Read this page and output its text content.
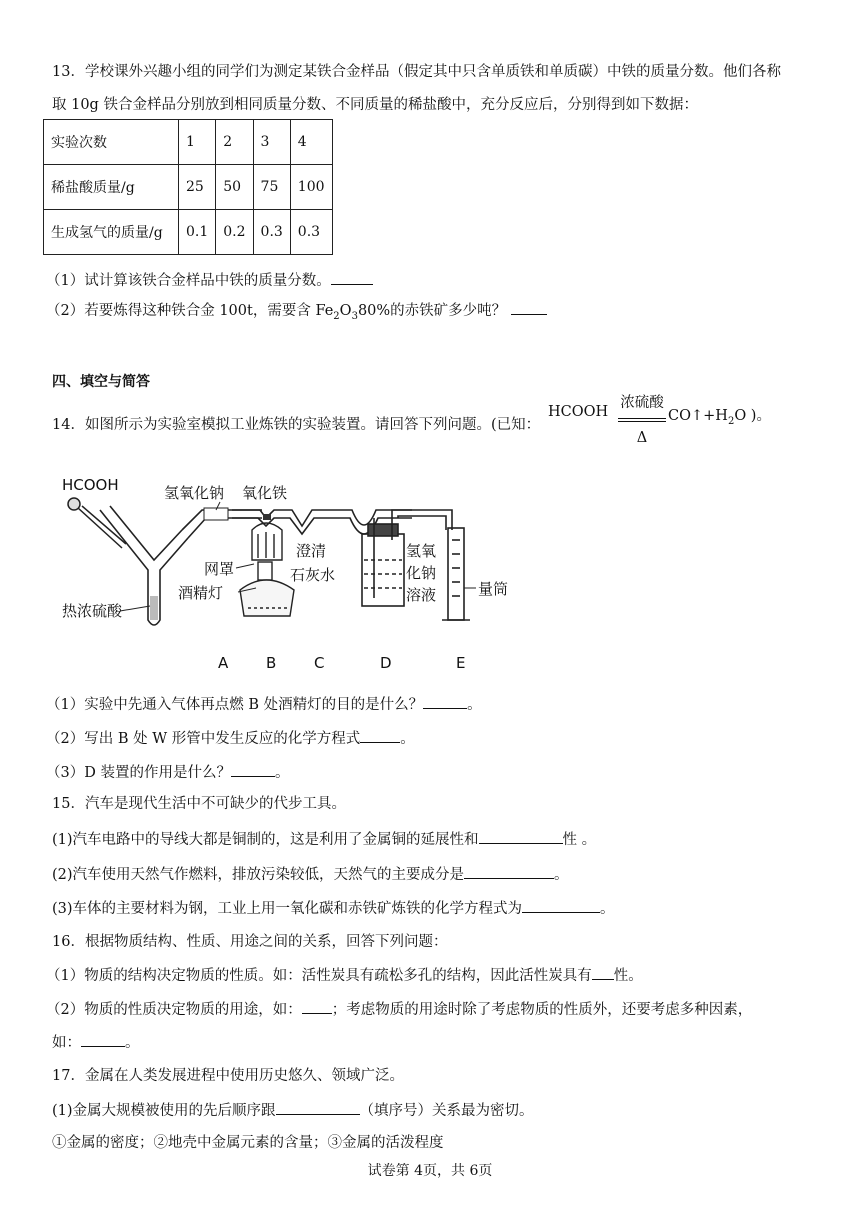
13．学校课外兴趣小组的同学们为测定某铁合金样品（假定其中只含单质铁和单质碳）中铁的质量分数。他们各称
取 10g 铁合金样品分别放到相同质量分数、不同质量的稀盐酸中，充分反应后，分别得到如下数据：
实验次数	1	2	3	4
稀盐酸质量/g	25	50	75	100
生成氢气的质量/g	0.1	0.2	0.3	0.3
（1）试计算该铁合金样品中铁的质量分数。
（2）若要炼得这种铁合金 100t，需要含 $Fe_2O_380\%$的赤铁矿多少吨？
四、填空与简答
14．如图所示为实验室模拟工业炼铁的实验装置。请回答下列问题。(已知：
HCOOH
浓硫酸
Δ
$CO↑+H_2O$ )。
HCOOH
热浓硫酸
氢氧化钠 氧化铁
网罩
酒精灯
澄清
石灰水
氢氧
化钠
溶液	量筒
A	B	C	D	E
（1）实验中先通入气体再点燃 B 处酒精灯的目的是什么？	。
（2）写出 B 处 W 形管中发生反应的化学方程式	。
（3）D 装置的作用是什么？	。
15．汽车是现代生活中不可缺少的代步工具。
(1)汽车电路中的导线大都是铜制的，这是利用了金属铜的延展性和	性 。
(2)汽车使用天然气作燃料，排放污染较低，天然气的主要成分是	。
(3)车体的主要材料为钢，工业上用一氧化碳和赤铁矿炼铁的化学方程式为	。
16．根据物质结构、性质、用途之间的关系，回答下列问题：
（1）物质的结构决定物质的性质。如：活性炭具有疏松多孔的结构，因此活性炭具有 性。
（2）物质的性质决定物质的用途，如： ；考虑物质的用途时除了考虑物质的性质外，还要考虑多种因素，
如：	。
17．金属在人类发展进程中使用历史悠久、领域广泛。
(1)金属大规模被使用的先后顺序跟	（填序号）关系最为密切。
①金属的密度；②地壳中金属元素的含量；③金属的活泼程度
试卷第 4页，共 6页
